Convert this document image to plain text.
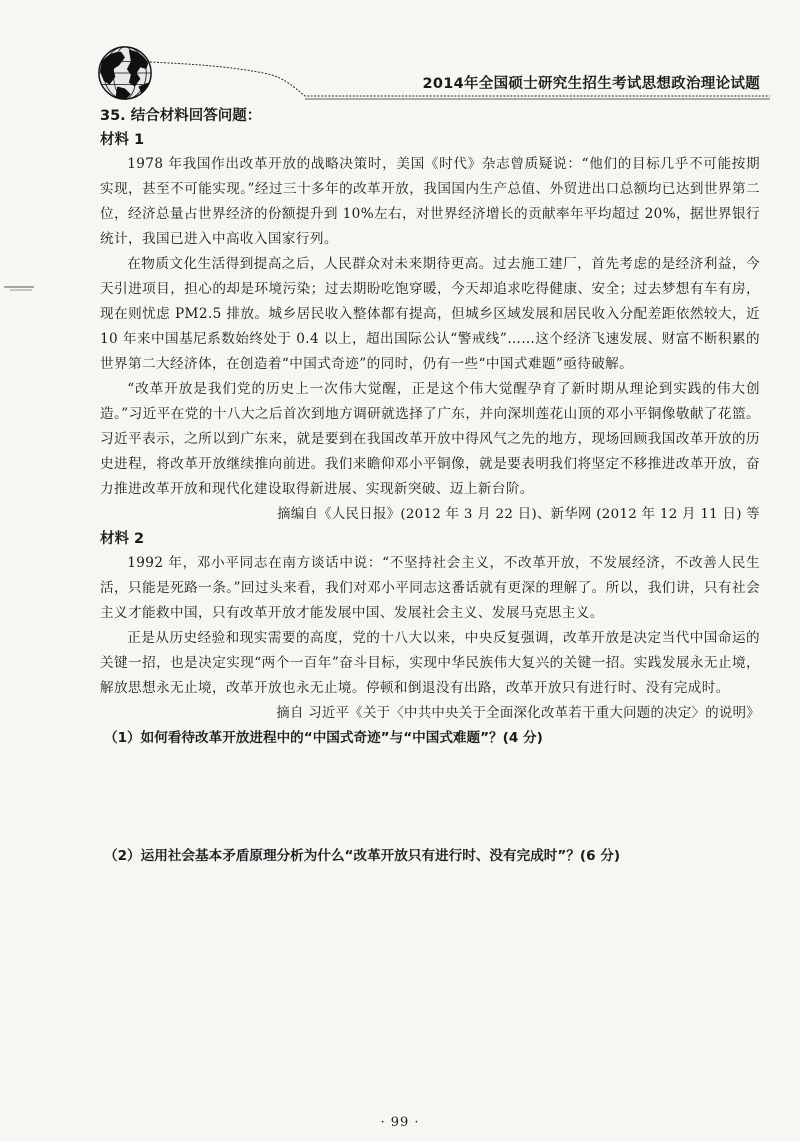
2014年全国硕士研究生招生考试思想政治理论试题
35. 结合材料回答问题：
材料 1

1978 年我国作出改革开放的战略决策时，美国《时代》杂志曾质疑说：“他们的目标几乎不可能按期实现，甚至不可能实现。”经过三十多年的改革开放，我国国内生产总值、外贸进出口总额均已达到世界第二位，经济总量占世界经济的份额提升到 10%左右，对世界经济增长的贡献率年平均超过 20%，据世界银行统计，我国已进入中高收入国家行列。

在物质文化生活得到提高之后，人民群众对未来期待更高。过去施工建厂，首先考虑的是经济利益，今天引进项目，担心的却是环境污染；过去期盼吃饱穿暖，今天却追求吃得健康、安全；过去梦想有车有房，现在则忧虑 PM2.5 排放。城乡居民收入整体都有提高，但城乡区域发展和居民收入分配差距依然较大，近 10 年来中国基尼系数始终处于 0.4 以上，超出国际公认“警戒线”……这个经济飞速发展、财富不断积累的世界第二大经济体，在创造着“中国式奇迹”的同时，仍有一些“中国式难题”亟待破解。

“改革开放是我们党的历史上一次伟大觉醒，正是这个伟大觉醒孕育了新时期从理论到实践的伟大创造。”习近平在党的十八大之后首次到地方调研就选择了广东，并向深圳莲花山顶的邓小平铜像敬献了花篮。习近平表示，之所以到广东来，就是要到在我国改革开放中得风气之先的地方，现场回顾我国改革开放的历史进程，将改革开放继续推向前进。我们来瞻仰邓小平铜像，就是要表明我们将坚定不移推进改革开放，奋力推进改革开放和现代化建设取得新进展、实现新突破、迈上新台阶。

摘编自《人民日报》(2012 年 3 月 22 日)、新华网 (2012 年 12 月 11 日) 等

材料 2

1992 年，邓小平同志在南方谈话中说：“不坚持社会主义，不改革开放，不发展经济，不改善人民生活，只能是死路一条。”回过头来看，我们对邓小平同志这番话就有更深的理解了。所以，我们讲，只有社会主义才能救中国，只有改革开放才能发展中国、发展社会主义、发展马克思主义。

正是从历史经验和现实需要的高度，党的十八大以来，中央反复强调，改革开放是决定当代中国命运的关键一招，也是决定实现“两个一百年”奋斗目标，实现中华民族伟大复兴的关键一招。实践发展永无止境，解放思想永无止境，改革开放也永无止境。停顿和倒退没有出路，改革开放只有进行时、没有完成时。

摘自 习近平《关于〈中共中央关于全面深化改革若干重大问题的决定〉的说明》

（1）如何看待改革开放进程中的“中国式奇迹”与“中国式难题”？(4 分)

（2）运用社会基本矛盾原理分析为什么“改革开放只有进行时、没有完成时”？(6 分)

· 99 ·
